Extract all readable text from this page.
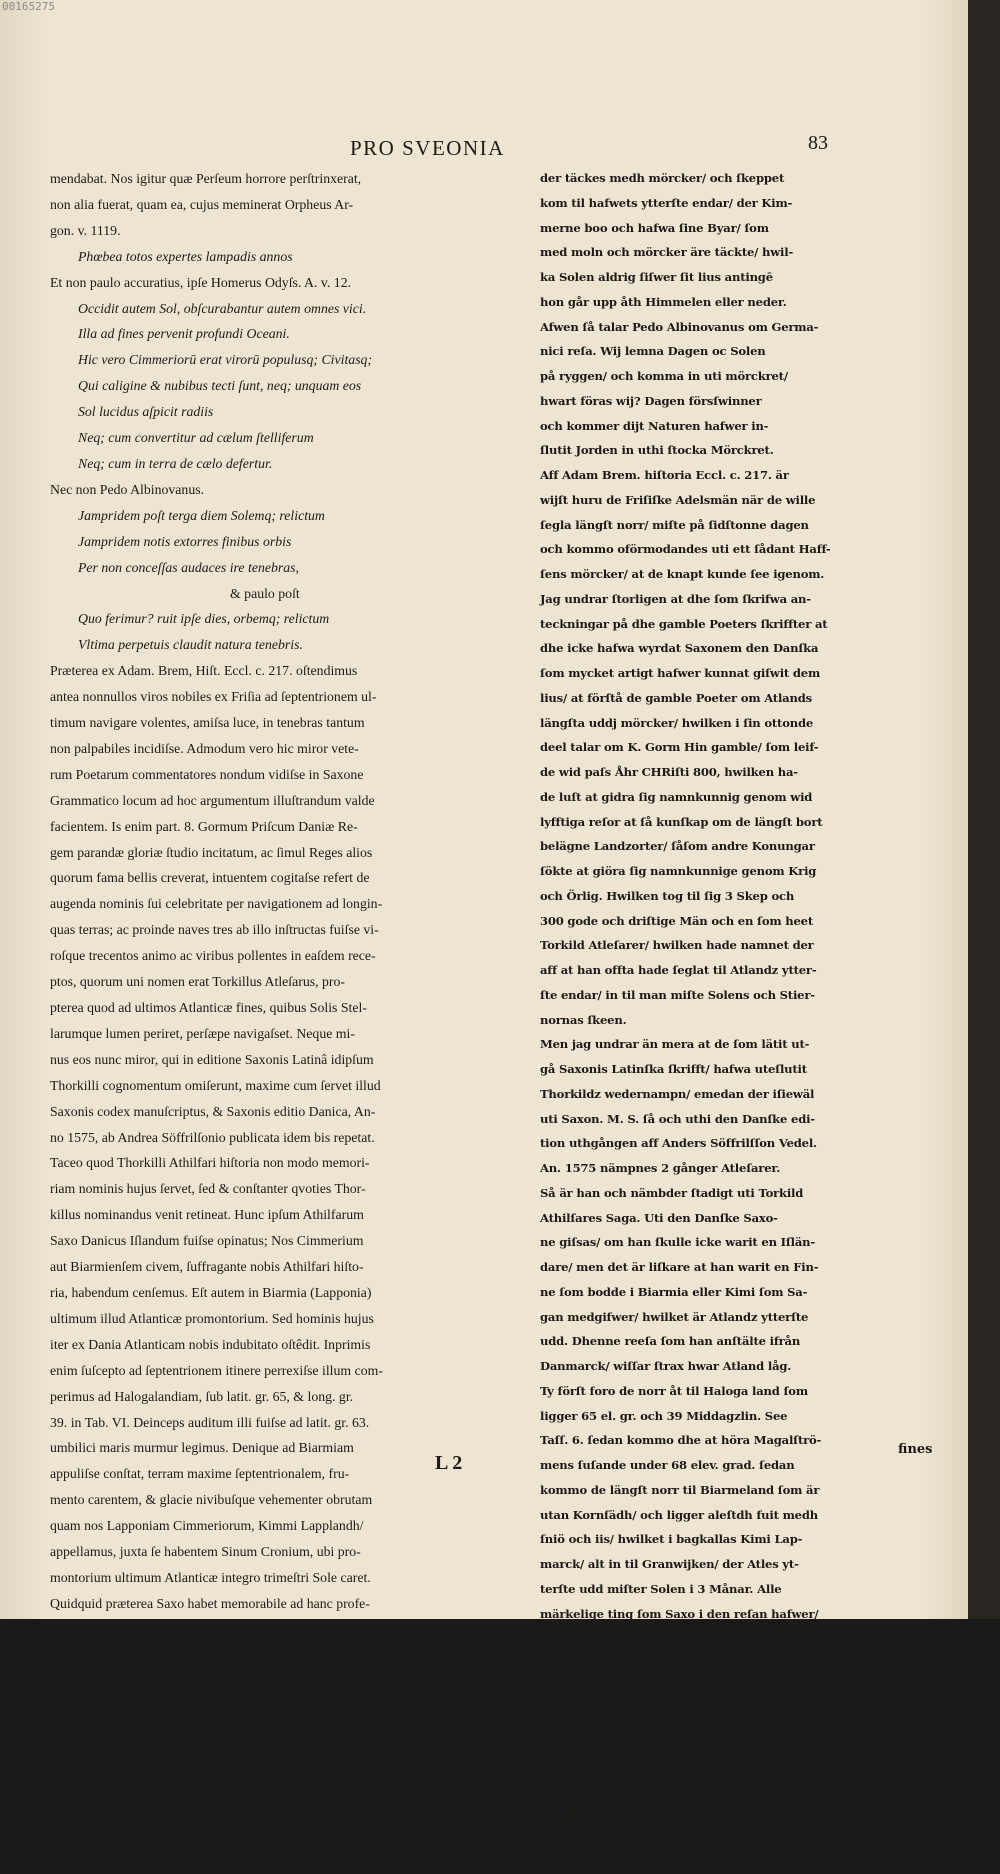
00165275
PRO SVEONIA	83
mendabat. Nos igitur quæ Perſeum horrore perſtrinxerat,
non alia fuerat, quam ea, cujus meminerat Orpheus Ar-
gon. v. 1119.
Phœbea totos expertes lampadis annos
Et non paulo accuratius, ipſe Homerus Odyſs. A. v. 12.
Occidit autem Sol, obſcurabantur autem omnes vici.
Illa ad fines pervenit profundi Oceani.
Hic vero Cimmeriorū erat virorū populusq; Civitasq;
Qui caligine & nubibus tecti ſunt, neq; unquam eos
Sol lucidus aſpicit radiis
Neq; cum convertitur ad cælum ſtelliferum
Neq; cum in terra de cælo defertur.
Nec non Pedo Albinovanus.
Jampridem poſt terga diem Solemq; relictum
Jampridem notis extorres finibus orbis
Per non conceſſas audaces ire tenebras,
& paulo poſt
Quo ferimur? ruit ipſe dies, orbemq; relictum
Vltima perpetuis claudit natura tenebris.
Præterea ex Adam. Brem, Hiſt. Eccl. c. 217. oſtendimus
antea nonnullos viros nobiles ex Friſia ad ſeptentrionem ul-
timum navigare volentes, amiſsa luce, in tenebras tantum
non palpabiles incidiſse. Admodum vero hic miror vete-
rum Poetarum commentatores nondum vidiſse in Saxone
Grammatico locum ad hoc argumentum illuſtrandum valde
facientem. Is enim part. 8. Gormum Priſcum Daniæ Re-
gem parandæ gloriæ ſtudio incitatum, ac ſimul Reges alios
quorum fama bellis creverat, intuentem cogitaſse refert de
augenda nominis ſui celebritate per navigationem ad longin-
quas terras; ac proinde naves tres ab illo inſtructas fuiſse vi-
roſque trecentos animo ac viribus pollentes in eaſdem rece-
ptos, quorum uni nomen erat Torkillus Atleſarus, pro-
pterea quod ad ultimos Atlanticæ fines, quibus Solis Stel-
larumque lumen periret, perſæpe navigaſset. Neque mi-
nus eos nunc miror, qui in editione Saxonis Latinâ idipſum
Thorkilli cognomentum omiſerunt, maxime cum ſervet illud
Saxonis codex manuſcriptus, & Saxonis editio Danica, An-
no 1575, ab Andrea Söffrilſonio publicata idem bis repetat.
Taceo quod Thorkilli Athilfari hiſtoria non modo memori-
riam nominis hujus ſervet, ſed & conſtanter qvoties Thor-
killus nominandus venit retineat. Hunc ipſum Athilfarum
Saxo Danicus Iſlandum fuiſse opinatus; Nos Cimmerium
aut Biarmienſem civem, ſuffragante nobis Athilfari hiſto-
ria, habendum cenſemus. Eſt autem in Biarmia (Lapponia)
ultimum illud Atlanticæ promontorium. Sed hominis hujus
iter ex Dania Atlanticam nobis indubitato oſtêdit. Inprimis
enim ſuſcepto ad ſeptentrionem itinere perrexiſse illum com-
perimus ad Halogalandiam, ſub latit. gr. 65, & long. gr.
39. in Tab. VI. Deinceps auditum illi fuiſse ad latit. gr. 63.
umbilici maris murmur legimus. Denique ad Biarmiam
appuliſse conſtat, terram maxime ſeptentrionalem, fru-
mento carentem, & glacie nivibuſque vehementer obrutam
quam nos Lapponiam Cimmeriorum, Kimmi Lapplandh/
appellamus, juxta ſe habentem Sinum Cronium, ubi pro-
montorium ultimum Atlanticæ integro trimeſtri Sole caret.
Quidquid præterea Saxo habet memorabile ad hanc profe-
ctionem pertinens, id omne ad ultimos ſeptentrionis noſtri
der täckes medh mörcker/ och ſkeppet
kom til hafwets ytterſte endar/ der Kim-
merne boo och hafwa ſine Byar/ ſom
med moln och mörcker äre täckte/ hwil-
ka Solen aldrig ſiſwer ſit lius antingē
hon går upp åth Himmelen eller neder.
Afwen ſå talar Pedo Albinovanus om Germa-
nici reſa. Wij lemna Dagen oc Solen
på ryggen/ och komma in uti mörckret/
hwart föras wij? Dagen försſwinner
och kommer dijt Naturen hafwer in-
ſlutit Jorden in uthi ſtocka Mörckret.
Aff Adam Brem. hiſtoria Eccl. c. 217. är
wijſt huru de Friſiſke Adelsmän när de wille
ſegla längſt norr/ miſte på ſidſtonne dagen
och kommo oförmodandes uti ett ſådant Haff-
ſens mörcker/ at de knapt kunde ſee igenom.
Jag undrar ſtorligen at dhe ſom ſkrifwa an-
teckningar på dhe gamble Poeters ſkriffter at
dhe icke hafwa wyrdat Saxonem den Danſka
ſom mycket artigt hafwer kunnat giſwit dem
lius/ at förſtå de gamble Poeter om Atlands
längſta uddj mörcker/ hwilken i ſin ottonde
deel talar om K. Gorm Hin gamble/ ſom leif-
de wid paſs Åhr CHRiſti 800, hwilken ha-
de luſt at gidra ſig namnkunnig genom wid
lyfftiga reſor at ſå kunſkap om de längſt bort
belägne Landzorter/ ſåſom andre Konungar
ſökte at giöra ſig namnkunnige genom Krig
och Örlig. Hwilken tog til ſig 3 Skep och
300 gode och driſtige Män och en ſom heet
Torkild Atleſarer/ hwilken hade namnet der
aff at han offta hade ſeglat til Atlandz ytter-
ſte endar/ in til man miſte Solens och Stier-
nornas ſkeen.
Men jag undrar än mera at de ſom lätit ut-
gå Saxonis Latinſka ſkrifft/ hafwa uteſlutit
Thorkildz wedernampn/ emedan der iſiewäl
uti Saxon. M. S. ſå och uthi den Danſke edi-
tion uthgången aff Anders Söffrilſſon Vedel.
An. 1575 nämpnes 2 gånger Atleſarer.
Så är han och nämbder ſtadigt uti Torkild
Athilſares Saga. Uti den Danſke Saxo-
ne giſsas/ om han ſkulle icke warit en Iſlän-
dare/ men det är liſkare at han warit en Fin-
ne ſom bodde i Biarmia eller Kimi ſom Sa-
gan medgifwer/ hwilket är Atlandz ytterſte
udd. Dhenne reeſa ſom han anſtälte ifrån
Danmarck/ wiſſar ſtrax hwar Atland låg.
Ty förſt foro de norr åt til Haloga land ſom
ligger 65 el. gr. och 39 Middagzlin. See
Taſſ. 6. ſedan kommo dhe at höra Magalſtrö-
mens ſuſande under 68 elev. grad. ſedan
kommo de längſt norr til Biarmeland ſom är
utan Kornſädh/ och ligger aleſtdh fuit medh
ſniö och iis/ hwilket i bagkallas Kimi Lap-
marck/ alt in til Granwijken/ der Atles yt-
terſte udd miſter Solen i 3 Månar. Alle
märkelige ting ſom Saxo i den reſan hafwer/
ſkal längre fram wiſſas inneeannat wara/
än dhet ſamma ſom Grekiſke och Latiniſke
Poeterne ſkrifwa om wår ytterſte werldenes
ända. Och räknar jag detta rummet för ett
ibland de båſte och ädlaſte ſom i Saxone äro.
Saxo förmäler än wiſſare ſedan K. Gorm kom
heem med Torkil Atliſare til Danmarck/ at
Torkil Athilſare ſoor ånnu en reeſa norr åt/
der hwarken Solen eller Stiernorna ſkijnte/
utan hade ett ſtadigt mörcker. Såledcs är
L 2
fines
